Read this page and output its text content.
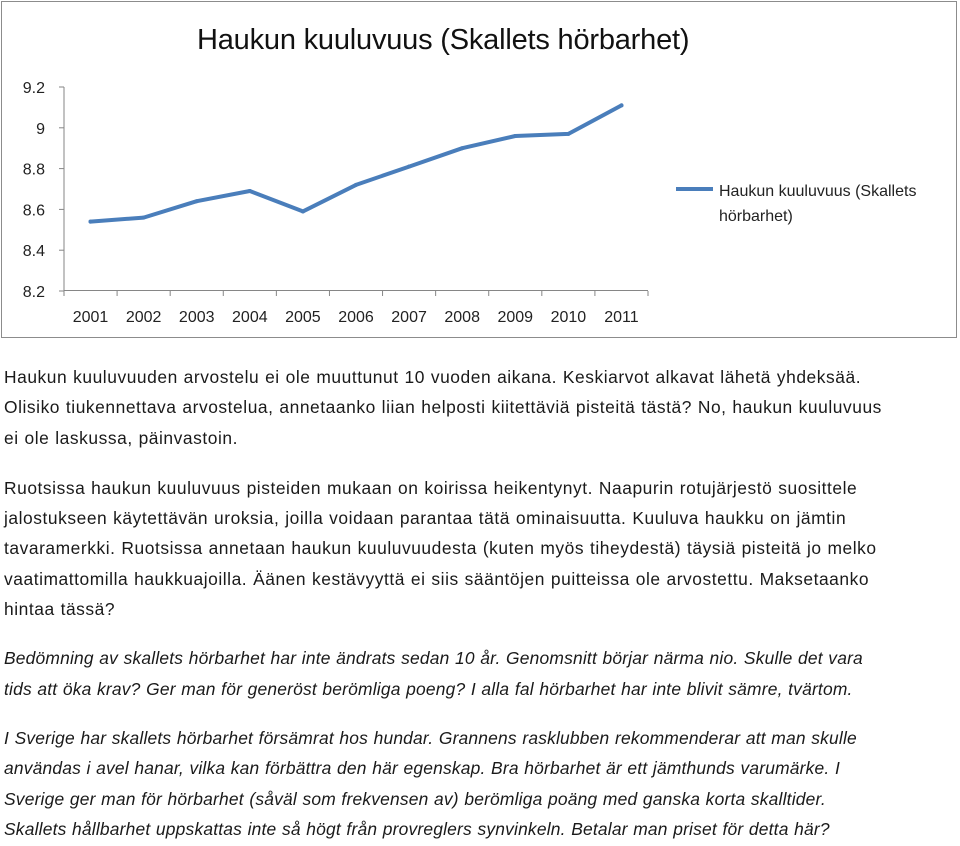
Haukun kuuluvuus (Skallets hörbarhet)
8.2
8.4
8.6
8.8
9
9.2
2001 2002 2003 2004 2005 2006 2007 2008 2009 2010 2011
Haukun kuuluvuus (Skallets hörbarhet)

Haukun kuuluvuuden arvostelu ei ole muuttunut 10 vuoden aikana. Keskiarvot alkavat lähetä yhdeksää.
Olisiko tiukennettava arvostelua, annetaanko liian helposti kiitettäviä pisteitä tästä? No, haukun kuuluvuus
ei ole laskussa, päinvastoin.

Ruotsissa haukun kuuluvuus pisteiden mukaan on koirissa heikentynyt. Naapurin rotujärjestö suosittele
jalostukseen käytettävän uroksia, joilla voidaan parantaa tätä ominaisuutta. Kuuluva haukku on jämtin
tavaramerkki. Ruotsissa annetaan haukun kuuluvuudesta (kuten myös tiheydestä) täysiä pisteitä jo melko
vaatimattomilla haukkuajoilla. Äänen kestävyyttä ei siis sääntöjen puitteissa ole arvostettu. Maksetaanko
hintaa tässä?

Bedömning av skallets hörbarhet har inte ändrats sedan 10 år. Genomsnitt börjar närma nio. Skulle det vara
tids att öka krav? Ger man för generöst berömliga poeng? I alla fal hörbarhet har inte blivit sämre, tvärtom.

I Sverige har skallets hörbarhet försämrat hos hundar. Grannens rasklubben rekommenderar att man skulle
användas i avel hanar, vilka kan förbättra den här egenskap. Bra hörbarhet är ett jämthunds varumärke. I
Sverige ger man för hörbarhet (såväl som frekvensen av) berömliga poäng med ganska korta skalltider.
Skallets hållbarhet uppskattas inte så högt från provreglers synvinkeln. Betalar man priset för detta här?
